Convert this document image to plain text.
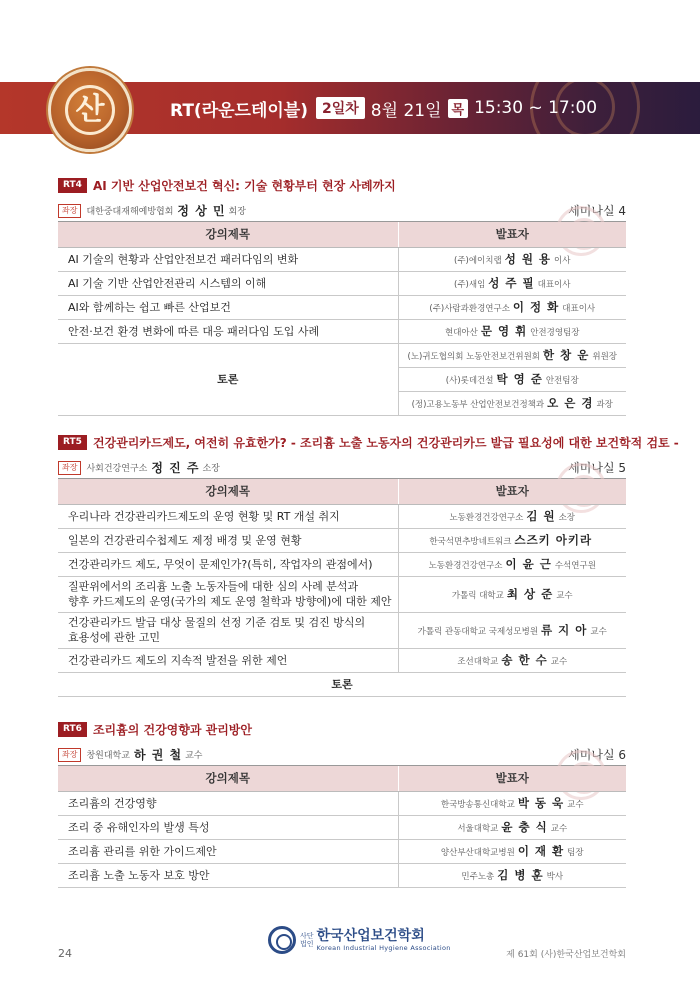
산	RT(라운드테이블)	2일차 8월 21일 목 15:30 ~ 17:00
RT4 AI 기반 산업안전보건 혁신: 기술 현황부터 현장 사례까지
좌장	대한중대재해예방협회 정 상 민 회장	세미나실 4
강의제목	발표자
AI 기술의 현황과 산업안전보건 패러다임의 변화	(주)에이치랩 성 원 용 이사
AI 기술 기반 산업안전관리 시스템의 이해	(주)새임 성 주 필 대표이사
AI와 함께하는 쉽고 빠른 산업보건	(주)사람과환경연구소 이 정 화 대표이사
안전·보건 환경 변화에 따른 대응 패러다임 도입 사례	현대아산 문 영 휘 안전경영팀장
토론	(노)귀도협의회 노동안전보건위원회 한 창 운 위원장
	(사)롯데건설 탁 영 준 안전팀장
	(정)고용노동부 산업안전보건정책과 오 은 경 과장
RT5 건강관리카드제도, 여전히 유효한가? - 조리흄 노출 노동자의 건강관리카드 발급 필요성에 대한 보건학적 검토 -
좌장	사회건강연구소 정 진 주 소장	세미나실 5
강의제목	발표자
우리나라 건강관리카드제도의 운영 현황 및 RT 개설 취지	노동환경건강연구소 김 원 소장
일본의 건강관리수첩제도 제정 배경 및 운영 현황	한국석면추방네트워크 스즈키 아키라
건강관리카드 제도, 무엇이 문제인가?(특히, 작업자의 관점에서)	노동환경건강연구소 이 윤 근 수석연구원

질판위에서의 조리흄 노출 노동자들에 대한 심의 사례 분석과
향후 카드제도의 운영(국가의 제도 운영 철학과 방향에)에 대한 제안	가톨릭 대학교 최 상 준 교수

건강관리카드 발급 대상 물질의 선정 기준 검토 및 검진 방식의
효용성에 관한 고민	가톨릭 관동대학교 국제성모병원 류 지 아 교수
건강관리카드 제도의 지속적 발전을 위한 제언	조선대학교 송 한 수 교수
토론	
RT6 조리흄의 건강영향과 관리방안
좌장	창원대학교 하 권 철 교수	세미나실 6
강의제목	발표자
조리흄의 건강영향	한국방송통신대학교 박 동 욱 교수
조리 중 유해인자의 발생 특성	서울대학교 윤 충 식 교수
조리흄 관리를 위한 가이드제안	양산부산대학교병원 이 재 환 팀장
조리흄 노출 노동자 보호 방안	민주노총 김 병 훈 박사
24
사단
법인 한국산업보건학회
Korean Industrial Hygiene Association
제 61회 (사)한국산업보건학회
